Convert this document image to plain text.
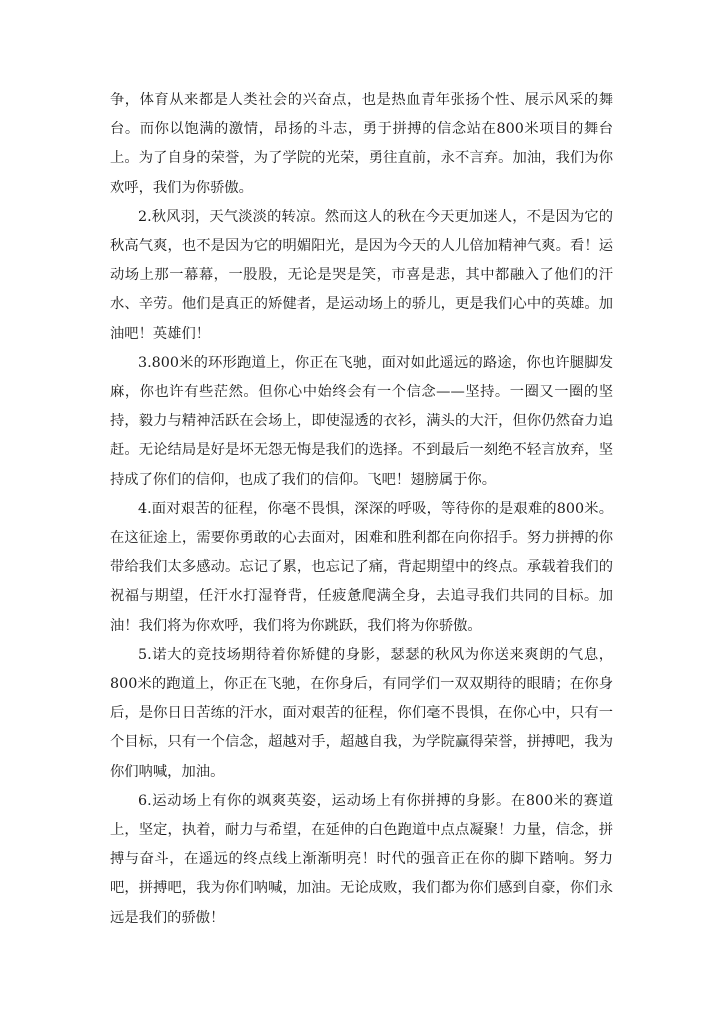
争，体育从来都是人类社会的兴奋点，也是热血青年张扬个性、展示风采的舞台。而你以饱满的激情，昂扬的斗志，勇于拼搏的信念站在800米项目的舞台上。为了自身的荣誉，为了学院的光荣，勇往直前，永不言弃。加油，我们为你欢呼，我们为你骄傲。

2.秋风羽，天气淡淡的转凉。然而这人的秋在今天更加迷人，不是因为它的秋高气爽，也不是因为它的明媚阳光，是因为今天的人儿倍加精神气爽。看！运动场上那一幕幕，一股股，无论是哭是笑，市喜是悲，其中都融入了他们的汗水、辛劳。他们是真正的矫健者，是运动场上的骄儿，更是我们心中的英雄。加油吧！英雄们！

3.800米的环形跑道上，你正在飞驰，面对如此遥远的路途，你也许腿脚发麻，你也许有些茫然。但你心中始终会有一个信念——坚持。一圈又一圈的坚持，毅力与精神活跃在会场上，即使湿透的衣衫，满头的大汗，但你仍然奋力追赶。无论结局是好是坏无怨无悔是我们的选择。不到最后一刻绝不轻言放弃，坚持成了你们的信仰，也成了我们的信仰。飞吧！翅膀属于你。

4.面对艰苦的征程，你毫不畏惧，深深的呼吸，等待你的是艰难的800米。在这征途上，需要你勇敢的心去面对，困难和胜利都在向你招手。努力拼搏的你带给我们太多感动。忘记了累，也忘记了痛，背起期望中的终点。承载着我们的祝福与期望，任汗水打湿脊背，任疲惫爬满全身，去追寻我们共同的目标。加油！我们将为你欢呼，我们将为你跳跃，我们将为你骄傲。

5.诺大的竞技场期待着你矫健的身影，瑟瑟的秋风为你送来爽朗的气息，800米的跑道上，你正在飞驰，在你身后，有同学们一双双期待的眼睛；在你身后，是你日日苦练的汗水，面对艰苦的征程，你们毫不畏惧，在你心中，只有一个目标，只有一个信念，超越对手，超越自我，为学院赢得荣誉，拼搏吧，我为你们呐喊，加油。

6.运动场上有你的飒爽英姿，运动场上有你拼搏的身影。在800米的赛道上，坚定，执着，耐力与希望，在延伸的白色跑道中点点凝聚！力量，信念，拼搏与奋斗，在遥远的终点线上渐渐明亮！时代的强音正在你的脚下踏响。努力吧，拼搏吧，我为你们呐喊，加油。无论成败，我们都为你们感到自豪，你们永远是我们的骄傲！
